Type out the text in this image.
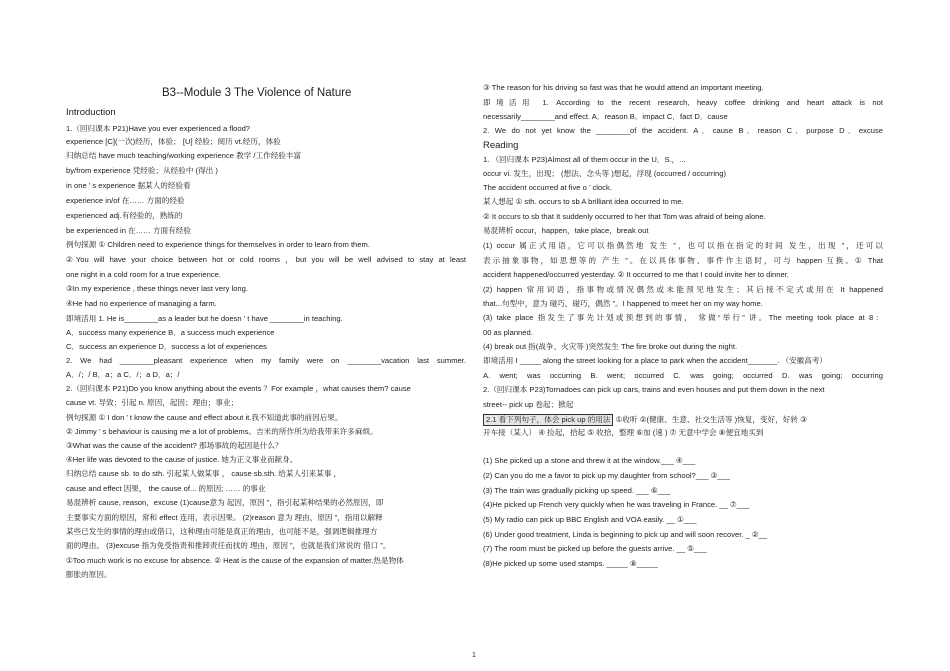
B3--Module 3 The Violence of Nature
Introduction
1.（回归课本 P21)Have you ever experienced a flood?
experience [C](一次)经历，体验； [U] 经验；阅历 vt.经历，体验
归纳总结 have much teaching/working experience 教学 /工作经验丰富
by/from experience 凭经验；从经验中 (得出 )
in one ’ s experience 据某人的经验看
experience in/of 在…… 方面的经验
experienced adj.有经验的，熟练的
be experienced in 在…… 方面有经验
例句探源 ① Children need to experience things for themselves in order to learn from them.
②You will have your choice between hot or cold rooms ，but you will be well advised to stay at least
one night in a cold room for a true experience.
③In my experience , these things never last very long.
④He had no experience of managing a farm.
即境活用 1. He is________as a leader but he doesn ’ t have ________in teaching.
A．success many experience B．a success much experience
C．success an experience D．success a lot of experiences
2. We had ________pleasant experience when my family were on ________vacation last summer.
A．/；/ B．a；a C．/；a D．a；/
2.（回归课本 P21)Do you know anything about the events ？For example ，what causes them? cause
cause vt. 导致；引起 n. 原因，起因；理由；事业；
例句探源 ① I don ’ t know the cause and effect about it.我不知道此事的前因后果。
② Jimmy ’ s behaviour is causing me a lot of problems。吉米的所作所为给我带来许多麻烦。
③What was the cause of the accident? 那场事故的起因是什么？
④Her life was devoted to the cause of justice. 她为正义事业而献身。
归纳总结 cause sb. to do sth. 引起某人做某事 ， cause sb.sth. 给某人引来某事 ，
cause and effect 因果， the cause of... 的原因; …… 的事业
易混辨析 cause, reason，excuse (1)cause意为 起因，原因 ”，指引起某种结果的必然原因，即
主要事实方面的原因，常和 effect 连用，表示因果。 (2)reason 意为 理由，原因 ”，指用以解释
某些已发生的事情的理由或借口，这种理由可能是真正的理由，也可能不是，强调逻辑推理方
面的理由。 (3)excuse 指为免受指责和推卸责任而找的 理由，原因 ”，也就是我们常说的 借口 ”。
①Too much work is no excuse for absence. ② Heat is the cause of the expansion of matter.热是物体
膨胀的原因。
③ The reason for his driving so fast was that he would attend an important meeting.
即境活用 1. According to the recent research, heavy coffee drinking and heart attack is not
necessarily________and effect. A．reason B．impact C．fact D．cause
2. We do not yet know the ________of the accident. A．cause B．reason C．purpose D．excuse
Reading
1. （回归课本 P23)Almost all of them occur in the U．S.，...
occur vi. 发生，出现； (想法、念头等 )想起，浮现 (occurred / occurring)
The accident occurred at five o ’ clock.
某人想起 ① sth. occurs to sb A brilliant idea occurred to me.
② It occurs to sb that It suddenly occurred to her that Tom was afraid of being alone.
易混辨析 occur，happen，take place，break out
(1) occur 属正式用语，它可以指偶然地 发生 ”，也可以指在指定的时间 发生，出现 ”，还可以
表示抽象事物，如思想等的 产生 ”。在以具体事物、事件作主语时，可与 happen 互换。① That
accident happened/occurred yesterday. ② It occurred to me that I could invite her to dinner.
(2) happen 常用词语，指事物或情况偶然或未能预见地发生；其后接不定式或用在 It happened
that...句型中，意为 碰巧，碰巧，偶然 ”。I happened to meet her on my way home.
(3) take place 指发生了事先计划或预想到的事情， 常做“举行” 讲。The meeting took place at 8：
00 as planned.
(4) break out 指(战争、火灾等 )突然发生 The fire broke out during the night.
即境活用 I _____ along the street looking for a place to park when the accident_______. （安徽高考）
A. went; was occurring B. went; occurred C. was going; occurred D. was going; occurring
2.（回归课本 P23)Tornadoes can pick up cars, trains and even houses and put them down in the next
street-- pick up 卷起；掀起
2.1 看下列句子，体会 pick up 的用法 ①收听 ②(健康、生意、社交生活等 )恢复，变好，好转 ③
开车接（某人） ④ 捡起，拾起 ⑤ 收拾，整理 ⑥加 (速 ) ⑦ 无意中学会 ⑧便宜地买到
(1) She picked up a stone and threw it at the window.___ ④___
(2) Can you do me a favor to pick up my daughter from school?___ ③___
(3) The train was gradually picking up speed. ___ ⑥___
(4)He picked up French very quickly when he was traveling in France. __ ⑦___
(5) My radio can pick up BBC English and VOA easily. __ ①___
(6) Under good treatment, Linda is beginning to pick up and will soon recover. _ ②__
(7) The room must be picked up before the guests arrive. __ ⑤___
(8)He picked up some used stamps. _____ ⑧_____
1
